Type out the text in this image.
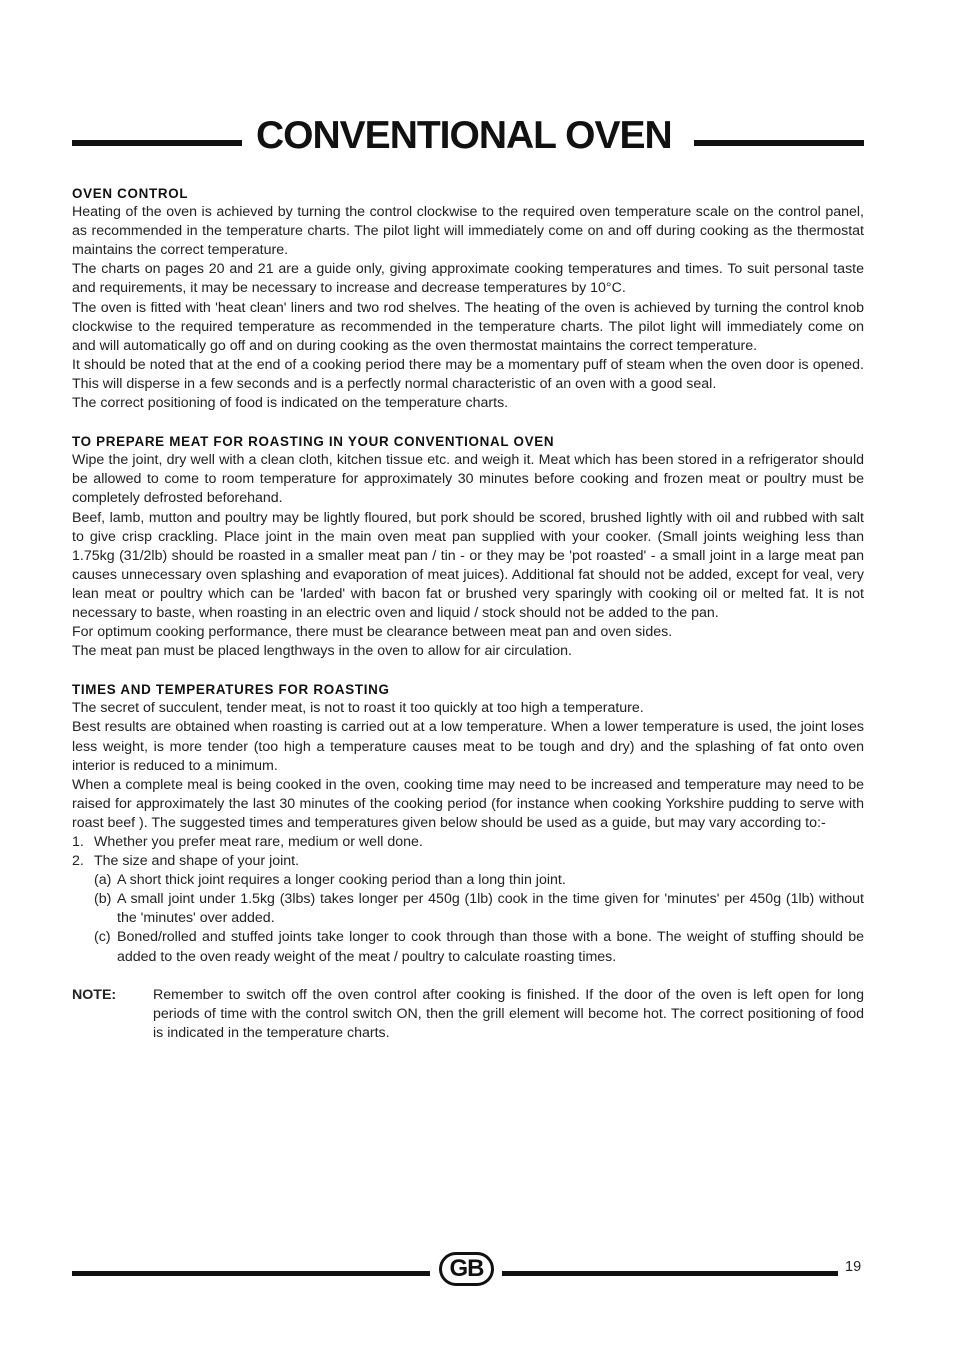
CONVENTIONAL OVEN
OVEN CONTROL
Heating of the oven is achieved by turning the control clockwise to the required oven temperature scale on the control panel, as recommended in the temperature charts. The pilot light will immediately come on and off during cooking as the thermostat maintains the correct temperature.
The charts on pages 20 and 21 are a guide only, giving approximate cooking temperatures and times. To suit personal taste and requirements, it may be necessary to increase and decrease temperatures by 10°C.
The oven is fitted with 'heat clean' liners and two rod shelves. The heating of the oven is achieved by turning the control knob clockwise to the required temperature as recommended in the temperature charts. The pilot light will immediately come on and will automatically go off and on during cooking as the oven thermostat maintains the correct temperature.
It should be noted that at the end of a cooking period there may be a momentary puff of steam when the oven door is opened. This will disperse in a few seconds and is a perfectly normal characteristic of an oven with a good seal.
The correct positioning of food is indicated on the temperature charts.
TO PREPARE MEAT FOR ROASTING IN YOUR CONVENTIONAL OVEN
Wipe the joint, dry well with a clean cloth, kitchen tissue etc. and weigh it. Meat which has been stored in a refrigerator should be allowed to come to room temperature for approximately 30 minutes before cooking and frozen meat or poultry must be completely defrosted beforehand.
Beef, lamb, mutton and poultry may be lightly floured, but pork should be scored, brushed lightly with oil and rubbed with salt to give crisp crackling. Place joint in the main oven meat pan supplied with your cooker. (Small joints weighing less than 1.75kg (31/2lb) should be roasted in a smaller meat pan / tin - or they may be 'pot roasted' - a small joint in a large meat pan causes unnecessary oven splashing and evaporation of meat juices). Additional fat should not be added, except for veal, very lean meat or poultry which can be 'larded' with bacon fat or brushed very sparingly with cooking oil or melted fat. It is not necessary to baste, when roasting in an electric oven and liquid / stock should not be added to the pan.
For optimum cooking performance, there must be clearance between meat pan and oven sides.
The meat pan must be placed lengthways in the oven to allow for air circulation.
TIMES AND TEMPERATURES FOR ROASTING
The secret of succulent, tender meat, is not to roast it too quickly at too high a temperature.
Best results are obtained when roasting is carried out at a low temperature. When a lower temperature is used, the joint loses less weight, is more tender (too high a temperature causes meat to be tough and dry) and the splashing of fat onto oven interior is reduced to a minimum.
When a complete meal is being cooked in the oven, cooking time may need to be increased and temperature may need to be raised for approximately the last 30 minutes of the cooking period (for instance when cooking Yorkshire pudding to serve with roast beef ). The suggested times and temperatures given below should be used as a guide, but may vary according to:-
1. Whether you prefer meat rare, medium or well done.
2. The size and shape of your joint.
(a) A short thick joint requires a longer cooking period than a long thin joint.
(b) A small joint under 1.5kg (3lbs) takes longer per 450g (1lb) cook in the time given for 'minutes' per 450g (1lb) without the 'minutes' over added.
(c) Boned/rolled and stuffed joints take longer to cook through than those with a bone. The weight of stuffing should be added to the oven ready weight of the meat / poultry to calculate roasting times.
NOTE:	Remember to switch off the oven control after cooking is finished. If the door of the oven is left open for long periods of time with the control switch ON, then the grill element will become hot. The correct positioning of food is indicated in the temperature charts.
GB	19
